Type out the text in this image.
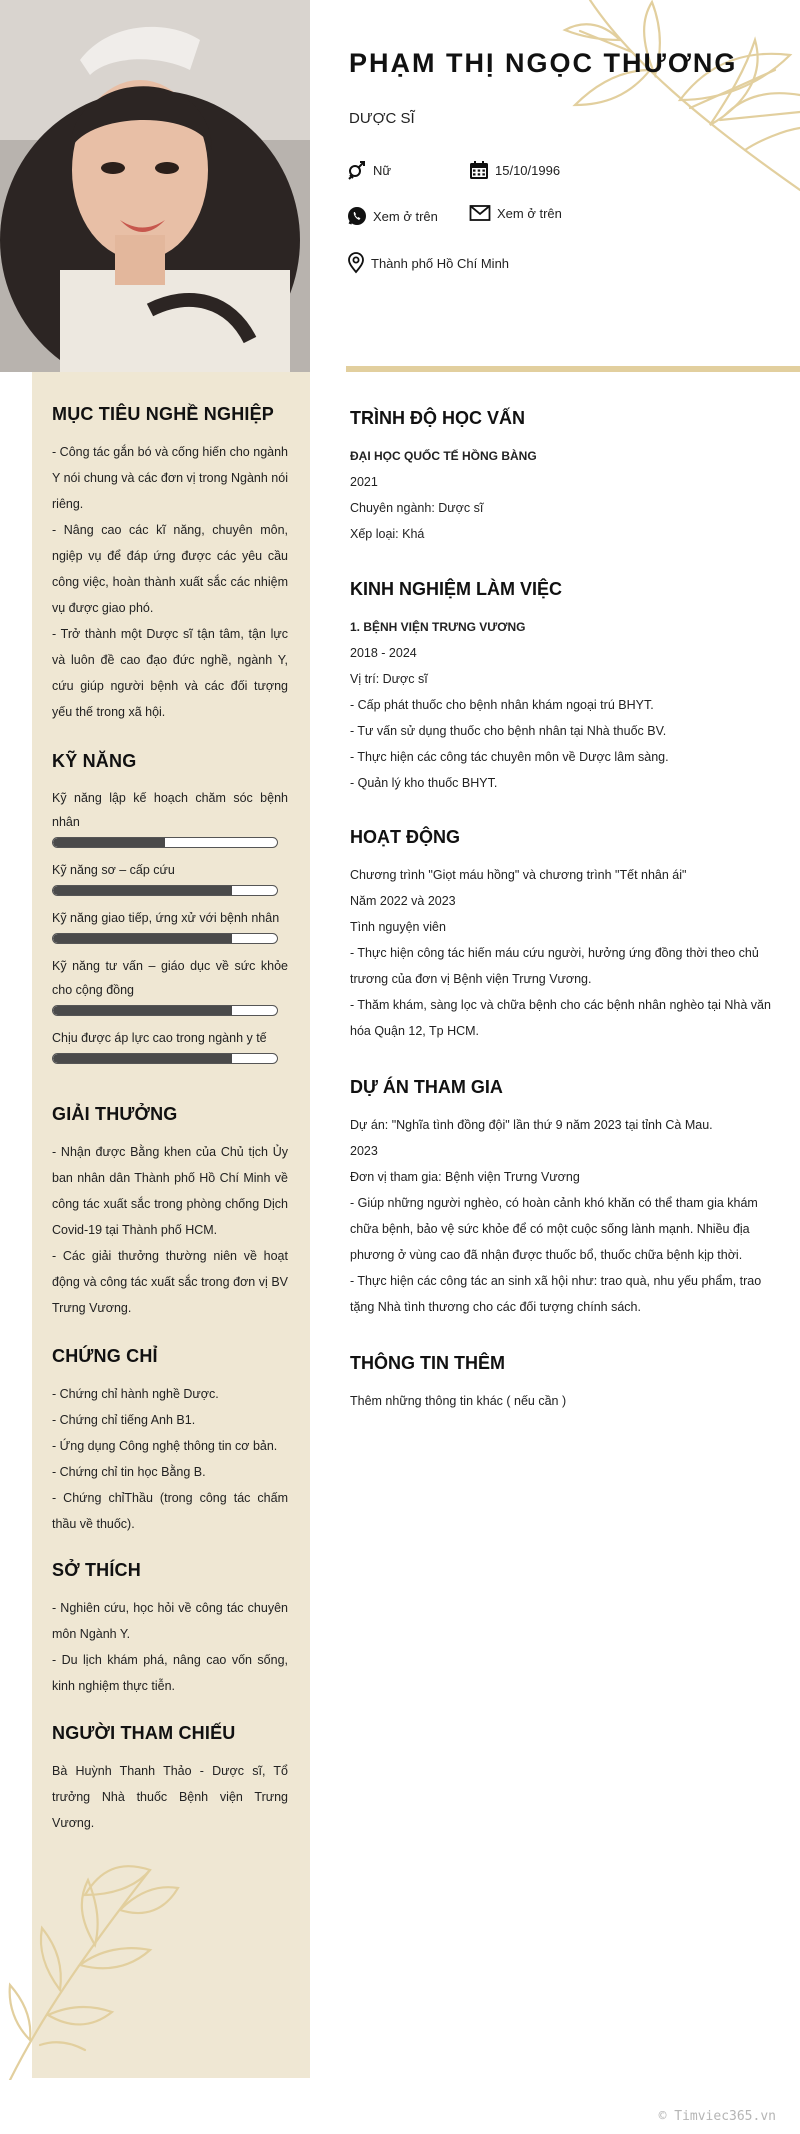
PHẠM THỊ NGỌC THƯƠNG
DƯỢC SĨ
Nữ	15/10/1996
Xem ở trên	Xem ở trên
Thành phố Hồ Chí Minh
MỤC TIÊU NGHỀ NGHIỆP

- Công tác gắn bó và cống hiến cho ngành Y nói chung và các đơn vị trong Ngành nói riêng.

- Nâng cao các kĩ năng, chuyên môn, ngiệp vụ để đáp ứng được các yêu cầu công việc, hoàn thành xuất sắc các nhiệm vụ được giao phó.

- Trở thành một Dược sĩ tận tâm, tận lực và luôn đề cao đạo đức nghề, ngành Y, cứu giúp người bệnh và các đối tượng yếu thế trong xã hội.

KỸ NĂNG
Kỹ năng lập kế hoạch chăm sóc bệnh nhân
Kỹ năng sơ – cấp cứu
Kỹ năng giao tiếp, ứng xử với bệnh nhân
Kỹ năng tư vấn – giáo dục về sức khỏe cho cộng đồng
Chịu được áp lực cao trong ngành y tế
GIẢI THƯỞNG

- Nhận được Bằng khen của Chủ tịch Ủy ban nhân dân Thành phố Hồ Chí Minh về công tác xuất sắc trong phòng chống Dịch Covid-19 tại Thành phố HCM.

- Các giải thưởng thường niên về hoạt động và công tác xuất sắc trong đơn vị BV Trưng Vương.

CHỨNG CHỈ

- Chứng chỉ hành nghề Dược.

- Chứng chỉ tiếng Anh B1.

- Ứng dụng Công nghệ thông tin cơ bản.

- Chứng chỉ tin học Bằng B.

- Chứng chỉThầu (trong công tác chấm thầu về thuốc).

SỞ THÍCH

- Nghiên cứu, học hỏi về công tác chuyên môn Ngành Y.

- Du lịch khám phá, nâng cao vốn sống, kinh nghiệm thực tiễn.

NGƯỜI THAM CHIẾU

Bà Huỳnh Thanh Thảo - Dược sĩ, Tổ trưởng Nhà thuốc Bệnh viện Trưng Vương.

TRÌNH ĐỘ HỌC VẤN

ĐẠI HỌC QUỐC TẾ HỒNG BÀNG

2021

Chuyên ngành: Dược sĩ

Xếp loại: Khá

KINH NGHIỆM LÀM VIỆC

1. BỆNH VIỆN TRƯNG VƯƠNG

2018 - 2024

Vị trí: Dược sĩ

- Cấp phát thuốc cho bệnh nhân khám ngoại trú BHYT.

- Tư vấn sử dụng thuốc cho bệnh nhân tại Nhà thuốc BV.

- Thực hiện các công tác chuyên môn về Dược lâm sàng.

- Quản lý kho thuốc BHYT.

HOẠT ĐỘNG

Chương trình "Giọt máu hồng" và chương trình "Tết nhân ái"

Năm 2022 và 2023

Tình nguyện viên

- Thực hiện công tác hiến máu cứu người, hưởng ứng đồng thời theo chủ trương của đơn vị Bệnh viện Trưng Vương.

- Thăm khám, sàng lọc và chữa bệnh cho các bệnh nhân nghèo tại Nhà văn hóa Quận 12, Tp HCM.

DỰ ÁN THAM GIA

Dự án: "Nghĩa tình đồng đội" lần thứ 9 năm 2023 tại tỉnh Cà Mau.

2023

Đơn vị tham gia: Bệnh viện Trưng Vương

- Giúp những người nghèo, có hoàn cảnh khó khăn có thể tham gia khám chữa bệnh, bảo vệ sức khỏe để có một cuộc sống lành mạnh. Nhiều địa phương ở vùng cao đã nhận được thuốc bổ, thuốc chữa bệnh kịp thời.

- Thực hiện các công tác an sinh xã hội như: trao quà, nhu yếu phẩm, trao tặng Nhà tình thương cho các đối tượng chính sách.

THÔNG TIN THÊM

Thêm những thông tin khác ( nếu cần )

© Timviec365.vn
